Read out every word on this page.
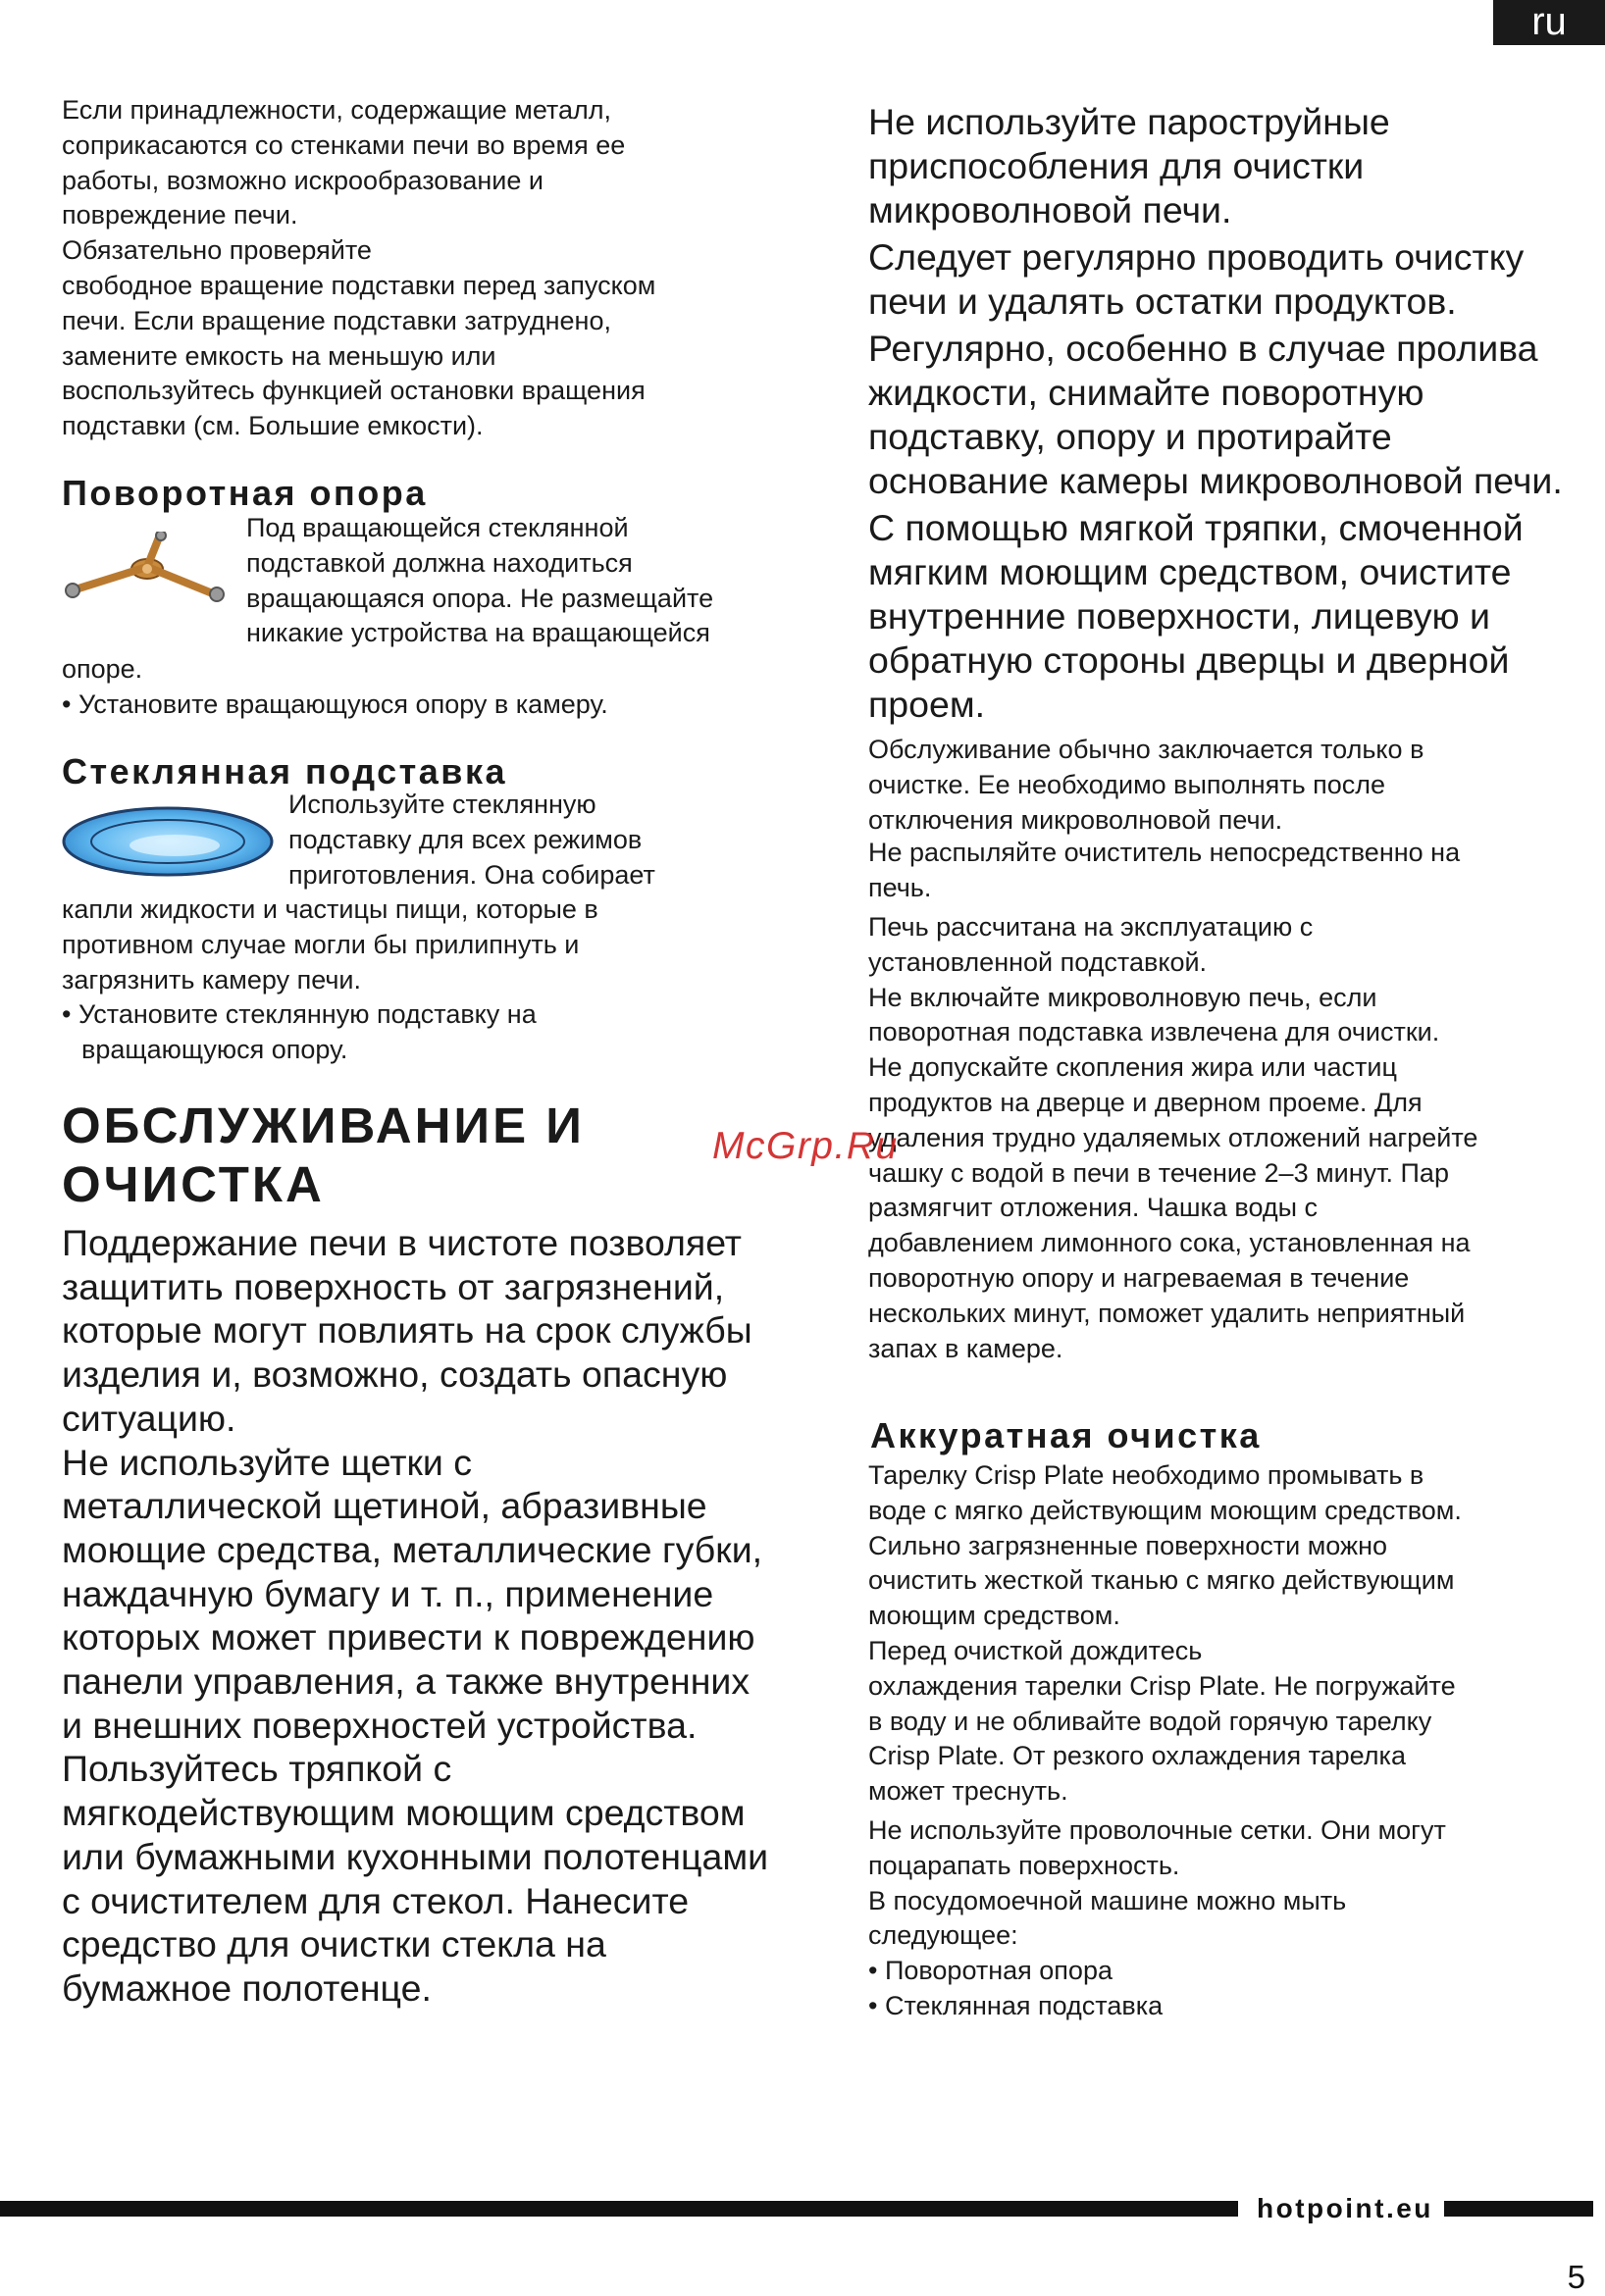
ru

Если принадлежности, содержащие металл,

соприкасаются со стенками печи во время ее

работы, возможно искрообразование и

повреждение печи.

Обязательно проверяйте

свободное вращение подставки перед запуском

печи. Если вращение подставки затруднено,

замените емкость на меньшую или

воспользуйтесь функцией остановки вращения

подставки (см. Большие емкости).

Поворотная опора

Под вращающейся стеклянной

подставкой должна находиться

вращающаяся опора. Не размещайте

никакие устройства на вращающейся

опоре.

• Установите вращающуюся опору в камеру.

Стеклянная подставка

Используйте стеклянную

подставку для всех режимов

приготовления. Она собирает

капли жидкости и частицы пищи, которые в

противном случае могли бы прилипнуть и

загрязнить камеру печи.

• Установите стеклянную подставку на

вращающуюся опору.

ОБСЛУЖИВАНИЕ И

ОЧИСТКА

Поддержание печи в чистоте позволяет

защитить поверхность от загрязнений,

которые могут повлиять на срок службы

изделия и, возможно, создать опасную

ситуацию.

Не используйте щетки с

металлической щетиной, абразивные

моющие средства, металлические губки,

наждачную бумагу и т. п., применение

которых может привести к повреждению

панели управления, а также внутренних

и внешних поверхностей устройства.

Пользуйтесь тряпкой с

мягкодействующим моющим средством

или бумажными кухонными полотенцами

с очистителем для стекол. Нанесите

средство для очистки стекла на

бумажное полотенце.

Не используйте пароструйные

приспособления для очистки

микроволновой печи.

Следует регулярно проводить очистку

печи и удалять остатки продуктов.

Регулярно, особенно в случае пролива

жидкости, снимайте поворотную

подставку, опору и протирайте

основание камеры микроволновой печи.

С помощью мягкой тряпки, смоченной

мягким моющим средством, очистите

внутренние поверхности, лицевую и

обратную стороны дверцы и дверной

проем.

Обслуживание обычно заключается только в

очистке. Ее необходимо выполнять после

отключения микроволновой печи.

Не распыляйте очиститель непосредственно на

печь.

Печь рассчитана на эксплуатацию с

установленной подставкой.

Не включайте микроволновую печь, если

поворотная подставка извлечена для очистки.

Не допускайте скопления жира или частиц

продуктов на дверце и дверном проеме. Для

удаления трудно удаляемых отложений нагрейте

чашку с водой в печи в течение 2–3 минут. Пар

размягчит отложения. Чашка воды с

добавлением лимонного сока, установленная на

поворотную опору и нагреваемая в течение

нескольких минут, поможет удалить неприятный

запах в камере.

Аккуратная очистка

Тарелку Crisp Plate необходимо промывать в

воде с мягко действующим моющим средством.

Сильно загрязненные поверхности можно

очистить жесткой тканью с мягко действующим

моющим средством.

Перед очисткой дождитесь

охлаждения тарелки Crisp Plate. Не погружайте

в воду и не обливайте водой горячую тарелку

Crisp Plate. От резкого охлаждения тарелка

может треснуть.

Не используйте проволочные сетки. Они могут

поцарапать поверхность.

В посудомоечной машине можно мыть

следующее:

• Поворотная опора

• Стеклянная подставка

McGrp.Ru
hotpoint.eu
5
